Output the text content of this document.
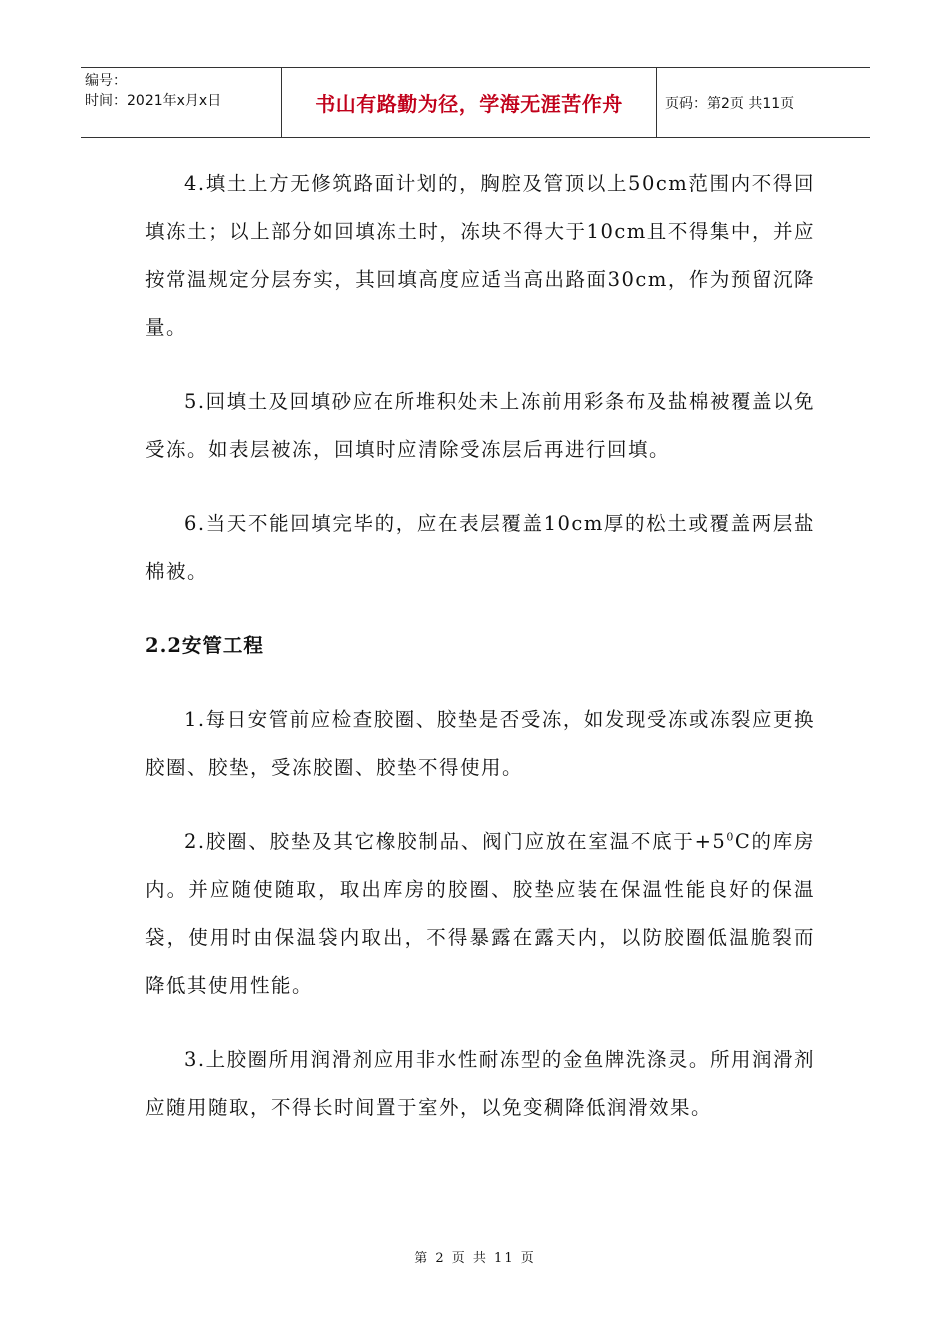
编号：
时间：2021年x月x日	书山有路勤为径，学海无涯苦作舟	页码：第2页 共11页

4.填土上方无修筑路面计划的，胸腔及管顶以上50cm范围内不得回填冻土；以上部分如回填冻土时，冻块不得大于10cm且不得集中，并应按常温规定分层夯实，其回填高度应适当高出路面30cm，作为预留沉降量。

5.回填土及回填砂应在所堆积处未上冻前用彩条布及盐棉被覆盖以免受冻。如表层被冻，回填时应清除受冻层后再进行回填。

6.当天不能回填完毕的，应在表层覆盖10cm厚的松土或覆盖两层盐棉被。

2.2安管工程

1.每日安管前应检查胶圈、胶垫是否受冻，如发现受冻或冻裂应更换胶圈、胶垫，受冻胶圈、胶垫不得使用。

2.胶圈、胶垫及其它橡胶制品、阀门应放在室温不底于$+5^0C$的库房内。并应随使随取，取出库房的胶圈、胶垫应装在保温性能良好的保温袋，使用时由保温袋内取出，不得暴露在露天内，以防胶圈低温脆裂而降低其使用性能。

3.上胶圈所用润滑剂应用非水性耐冻型的金鱼牌洗涤灵。所用润滑剂应随用随取，不得长时间置于室外，以免变稠降低润滑效果。

第 2 页 共 11 页
